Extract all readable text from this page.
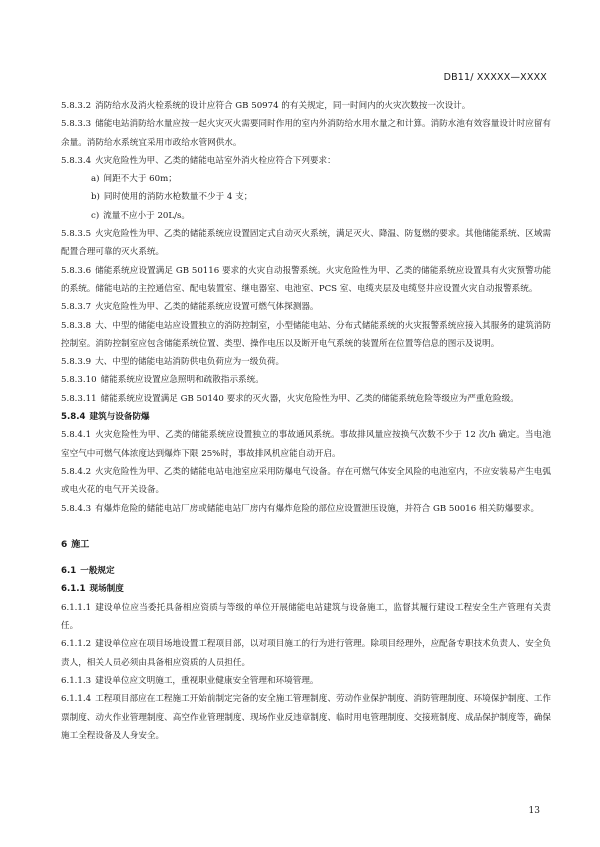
DB11/ XXXXX—XXXX

5.8.3.2 消防给水及消火栓系统的设计应符合 GB 50974 的有关规定，同一时间内的火灾次数按一次设计。

5.8.3.3 储能电站消防给水量应按一起火灾灭火需要同时作用的室内外消防给水用水量之和计算。消防水池有效容量设计时应留有余量。消防给水系统宜采用市政给水管网供水。

5.8.3.4 火灾危险性为甲、乙类的储能电站室外消火栓应符合下列要求：

a) 间距不大于 60m；

b) 同时使用的消防水枪数量不少于 4 支；

c) 流量不应小于 20L/s。

5.8.3.5 火灾危险性为甲、乙类的储能系统应设置固定式自动灭火系统，满足灭火、降温、防复燃的要求。其他储能系统、区域需配置合理可靠的灭火系统。

5.8.3.6 储能系统应设置满足 GB 50116 要求的火灾自动报警系统。火灾危险性为甲、乙类的储能系统应设置具有火灾预警功能的系统。储能电站的主控通信室、配电装置室、继电器室、电池室、PCS 室、电缆夹层及电缆竖井应设置火灾自动报警系统。

5.8.3.7 火灾危险性为甲、乙类的储能系统应设置可燃气体探测器。

5.8.3.8 大、中型的储能电站应设置独立的消防控制室，小型储能电站、分布式储能系统的火灾报警系统应接入其服务的建筑消防控制室。消防控制室应包含储能系统位置、类型、操作电压以及断开电气系统的装置所在位置等信息的图示及说明。

5.8.3.9 大、中型的储能电站消防供电负荷应为一级负荷。

5.8.3.10 储能系统应设置应急照明和疏散指示系统。

5.8.3.11 储能系统应设置满足 GB 50140 要求的灭火器，火灾危险性为甲、乙类的储能系统危险等级应为严重危险级。

5.8.4 建筑与设备防爆

5.8.4.1 火灾危险性为甲、乙类的储能系统应设置独立的事故通风系统。事故排风量应按换气次数不少于 12 次/h 确定。当电池室空气中可燃气体浓度达到爆炸下限 25%时，事故排风机应能自动开启。

5.8.4.2 火灾危险性为甲、乙类的储能电站电池室应采用防爆电气设备。存在可燃气体安全风险的电池室内，不应安装易产生电弧或电火花的电气开关设备。

5.8.4.3 有爆炸危险的储能电站厂房或储能电站厂房内有爆炸危险的部位应设置泄压设施，并符合 GB 50016 相关防爆要求。

6 施工

6.1 一般规定

6.1.1 现场制度

6.1.1.1 建设单位应当委托具备相应资质与等级的单位开展储能电站建筑与设备施工，监督其履行建设工程安全生产管理有关责任。

6.1.1.2 建设单位应在项目场地设置工程项目部，以对项目施工的行为进行管理。除项目经理外，应配备专职技术负责人、安全负责人，相关人员必须由具备相应资质的人员担任。

6.1.1.3 建设单位应文明施工，重视职业健康安全管理和环境管理。

6.1.1.4 工程项目部应在工程施工开始前制定完备的安全施工管理制度、劳动作业保护制度、消防管理制度、环境保护制度、工作票制度、动火作业管理制度、高空作业管理制度、现场作业反违章制度、临时用电管理制度、交接班制度、成品保护制度等，确保施工全程设备及人身安全。

13
